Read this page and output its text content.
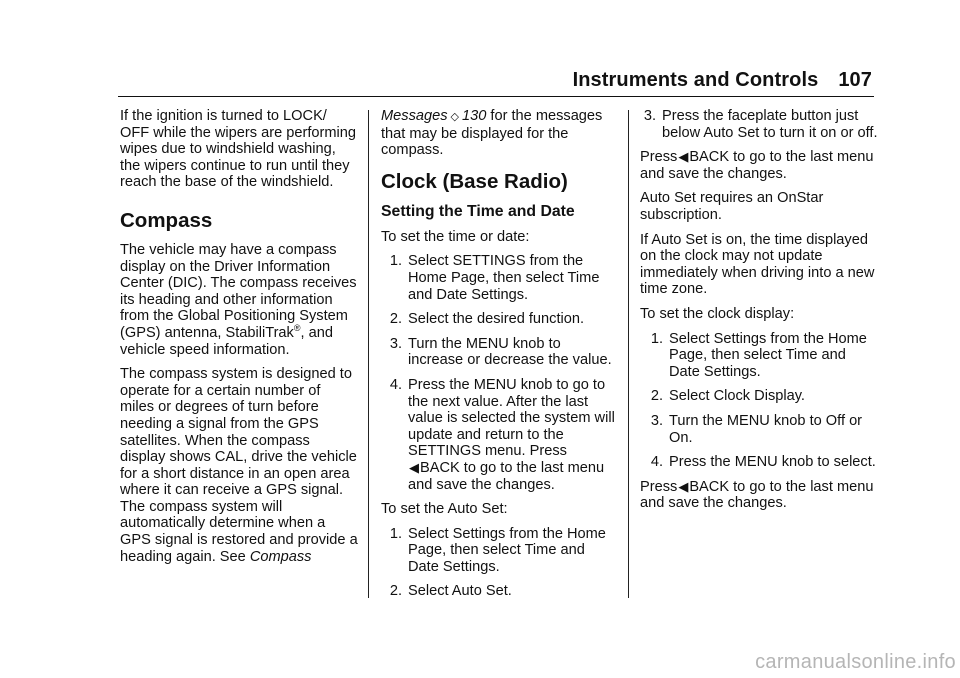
Instruments and Controls 107

If the ignition is turned to LOCK/ OFF while the wipers are performing wipes due to windshield washing, the wipers continue to run until they reach the base of the windshield.

Compass

The vehicle may have a compass display on the Driver Information Center (DIC). The compass receives its heading and other information from the Global Positioning System (GPS) antenna, StabiliTrak®, and vehicle speed information.

The compass system is designed to operate for a certain number of miles or degrees of turn before needing a signal from the GPS satellites. When the compass display shows CAL, drive the vehicle for a short distance in an open area where it can receive a GPS signal. The compass system will automatically determine when a GPS signal is restored and provide a heading again. See Compass

Messages ◇ 130 for the messages that may be displayed for the compass.

Clock (Base Radio)
Setting the Time and Date

To set the time or date:

1. Select SETTINGS from the Home Page, then select Time and Date Settings.
2. Select the desired function.
3. Turn the MENU knob to increase or decrease the value.
4. Press the MENU knob to go to the next value. After the last value is selected the system will update and return to the SETTINGS menu. Press ◀BACK to go to the last menu and save the changes.

To set the Auto Set:

1. Select Settings from the Home Page, then select Time and Date Settings.
2. Select Auto Set.
3. Press the faceplate button just below Auto Set to turn it on or off.

Press◀BACK to go to the last menu and save the changes.

Auto Set requires an OnStar subscription.

If Auto Set is on, the time displayed on the clock may not update immediately when driving into a new time zone.

To set the clock display:

1. Select Settings from the Home Page, then select Time and Date Settings.
2. Select Clock Display.
3. Turn the MENU knob to Off or On.
4. Press the MENU knob to select.

Press◀BACK to go to the last menu and save the changes.

carmanualsonline.info
